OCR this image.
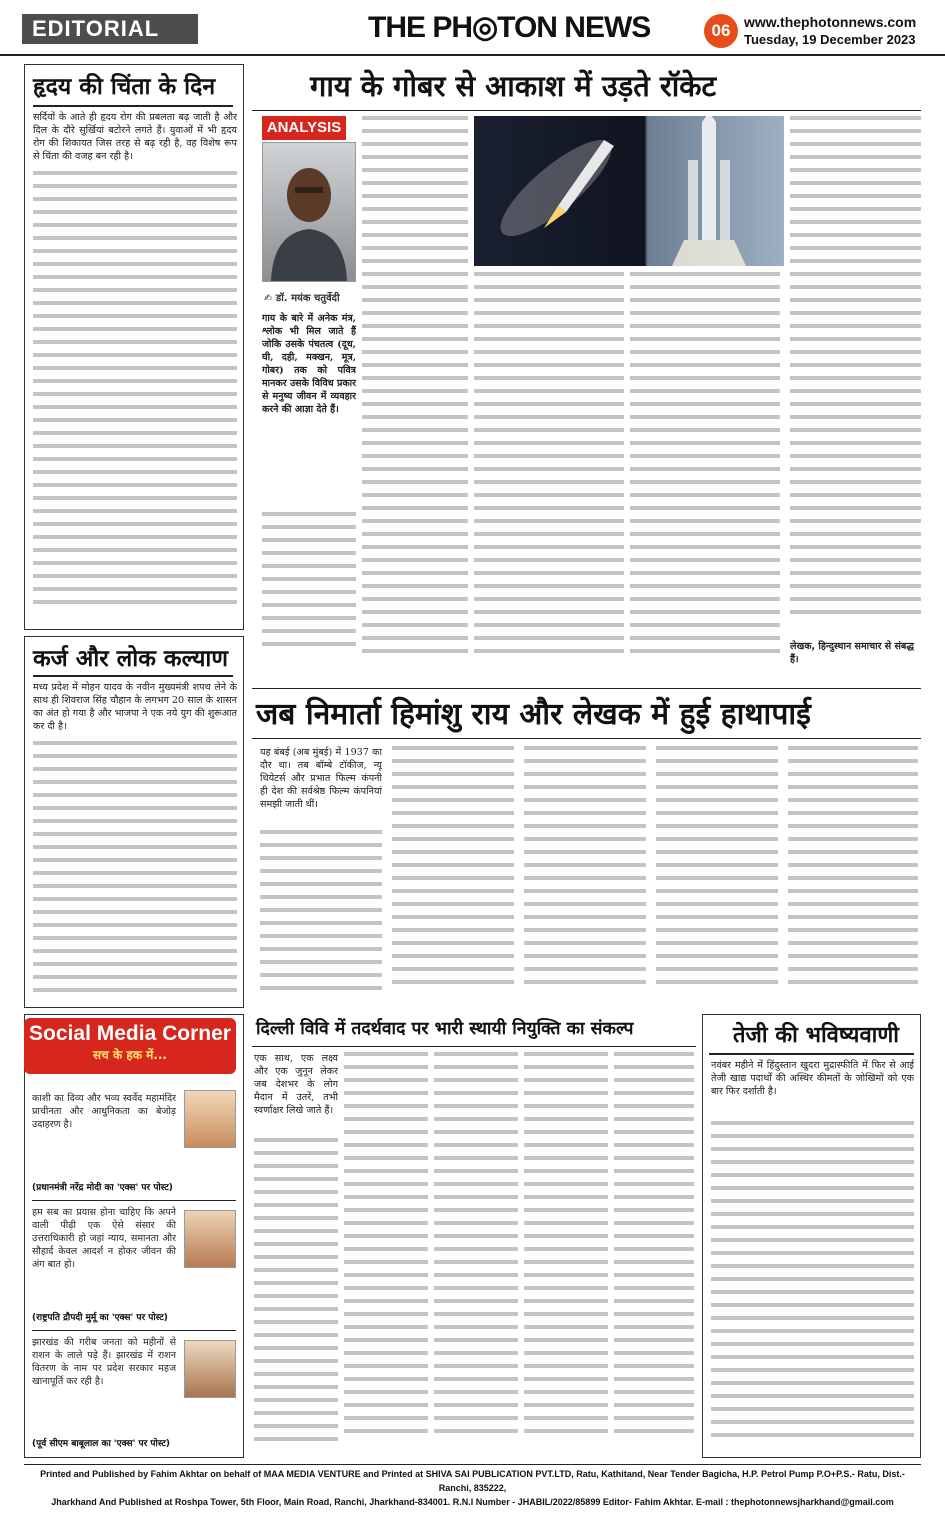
EDITORIAL	THE PH◎TON NEWS	06 www.thephotonnews.com
Tuesday, 19 December 2023
हृदय की चिंता के दिन
सर्दियों के आते ही हृदय रोग की प्रबलता बढ़ जाती है और दिल के दौरे सुर्खियां बटोरने लगते हैं। युवाओं में भी हृदय रोग की शिकायत जिस तरह से बढ़ रही है, वह विशेष रूप से चिंता की वजह बन रही है।
गाय के गोबर से आकाश में उड़ते रॉकेट
ANALYSIS
✍ डॉ. मयंक चतुर्वेदी
गाय के बारे में अनेक मंत्र, श्लोक भी मिल जाते हैं जोकि उसके पंचतत्व (दूध, घी, दही, मक्खन, मूत्र, गोबर) तक को पवित्र मानकर उसके विविध प्रकार से मनुष्य जीवन में व्यवहार करने की आज्ञा देते हैं।
लेखक, हिन्दुस्थान समाचार से संबद्ध हैं।
कर्ज और लोक कल्याण
मध्य प्रदेश में मोहन यादव के नवीन मुख्यमंत्री शपथ लेने के साथ ही शिवराज सिंह चौहान के लगभग 20 साल के शासन का अंत हो गया है और भाजपा ने एक नये युग की शुरूआत कर दी है।	जब निमार्ता हिमांशु राय और लेखक में हुई हाथापाई
यह बंबई (अब मुंबई) में 1937 का दौर था। तब बॉम्बे टॉकीज, न्यू थियेटर्स और प्रभात फिल्म कंपनी ही देश की सर्वश्रेष्ठ फिल्म कंपनियां समझी जाती थीं।
Social Media Corner
सच के हक में...
काशी का दिव्य और भव्य स्वर्वेद महामंदिर प्राचीनता और आधुनिकता का बेजोड़ उदाहरण है।
(प्रधानमंत्री नरेंद्र मोदी का 'एक्स' पर पोस्ट)
हम सब का प्रयास होना चाहिए कि अपने वाली पीढ़ी एक ऐसे संसार की उत्तराधिकारी हो जहां न्याय, समानता और सौहार्द केवल आदर्श न होकर जीवन की अंग बात हो।
(राष्ट्रपति द्रौपदी मुर्मू का 'एक्स' पर पोस्ट)
झारखंड की गरीब जनता को महीनों से राशन के लाले पड़े हैं। झारखंड में राशन वितरण के नाम पर प्रदेश सरकार महज खानापूर्ति कर रही है।
(पूर्व सीएम बाबूलाल का 'एक्स' पर पोस्ट)
दिल्ली विवि में तदर्थवाद पर भारी स्थायी नियुक्ति का संकल्प
एक साथ, एक लक्ष्य और एक जुनून लेकर जब देशभर के लोग मैदान में उतरें, तभी स्वर्णाक्षर लिखे जाते हैं।
तेजी की भविष्यवाणी
नवंबर महीने में हिंदुस्तान खुदरा मुद्रास्फीति में फिर से आई तेजी खाद्य पदार्थों की अस्थिर कीमतों के जोखिमों को एक बार फिर दर्शाती है।
Printed and Published by Fahim Akhtar on behalf of MAA MEDIA VENTURE and Printed at SHIVA SAI PUBLICATION PVT.LTD, Ratu, Kathitand, Near Tender Bagicha, H.P. Petrol Pump P.O+P.S.- Ratu, Dist.-Ranchi, 835222,
Jharkhand And Published at Roshpa Tower, 5th Floor, Main Road, Ranchi, Jharkhand-834001. R.N.I Number - JHABIL/2022/85899 Editor- Fahim Akhtar. E-mail : thephotonnewsjharkhand@gmail.com
